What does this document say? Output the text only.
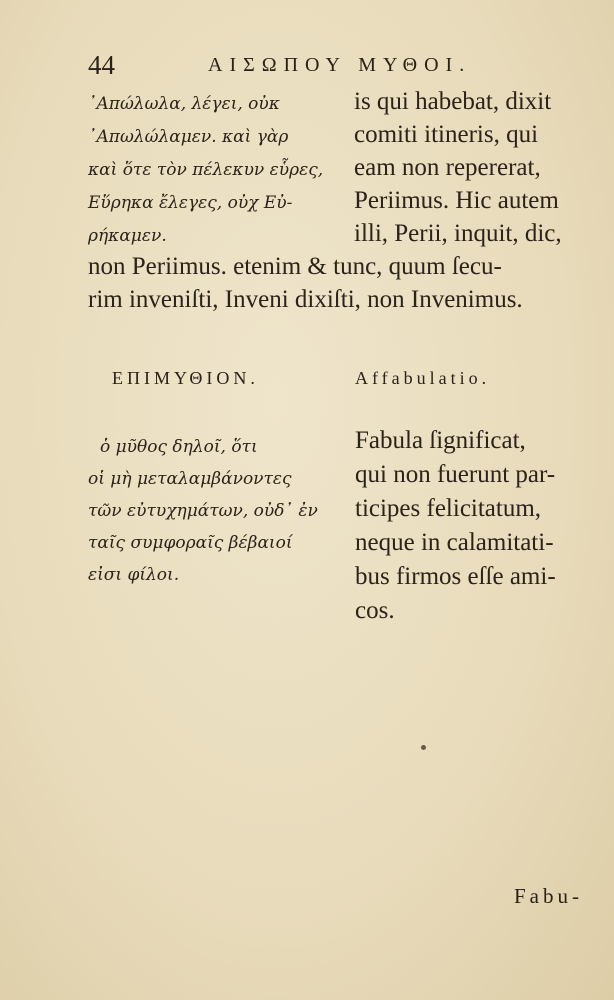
44	ΑΙΣΩΠΟΥ ΜΥΘΟΙ.
᾿Απώλωλα, λέγει, οὐκ
᾿Απωλώλαμεν. καὶ γὰρ
καὶ ὅτε τὸν πέλεκυν εὗρες,
Εὕρηκα ἔλεγες, οὐχ Εὐ-
ρήκαμεν.
is qui habebat, dixit
comiti itineris, qui
eam non repererat,
Periimus. Hic autem
illi, Perii, inquit, dic,
non Periimus. etenim & tunc, quum ſecu-
rim inveniſti, Inveni dixiſti, non Invenimus.
ΕΠΙΜΥΘΙΟΝ.	Affabulatio.
ὁ μῦθος δηλοῖ, ὅτι
οἱ μὴ μεταλαμβάνοντες
τῶν εὐτυχημάτων, οὐδ᾽ ἐν
ταῖς συμφοραῖς βέβαιοί
εἰσι φίλοι.
Fabula ſignificat,
qui non fuerunt par-
ticipes felicitatum,
neque in calamitati-
bus firmos eſſe ami-
cos.
Fabu-
